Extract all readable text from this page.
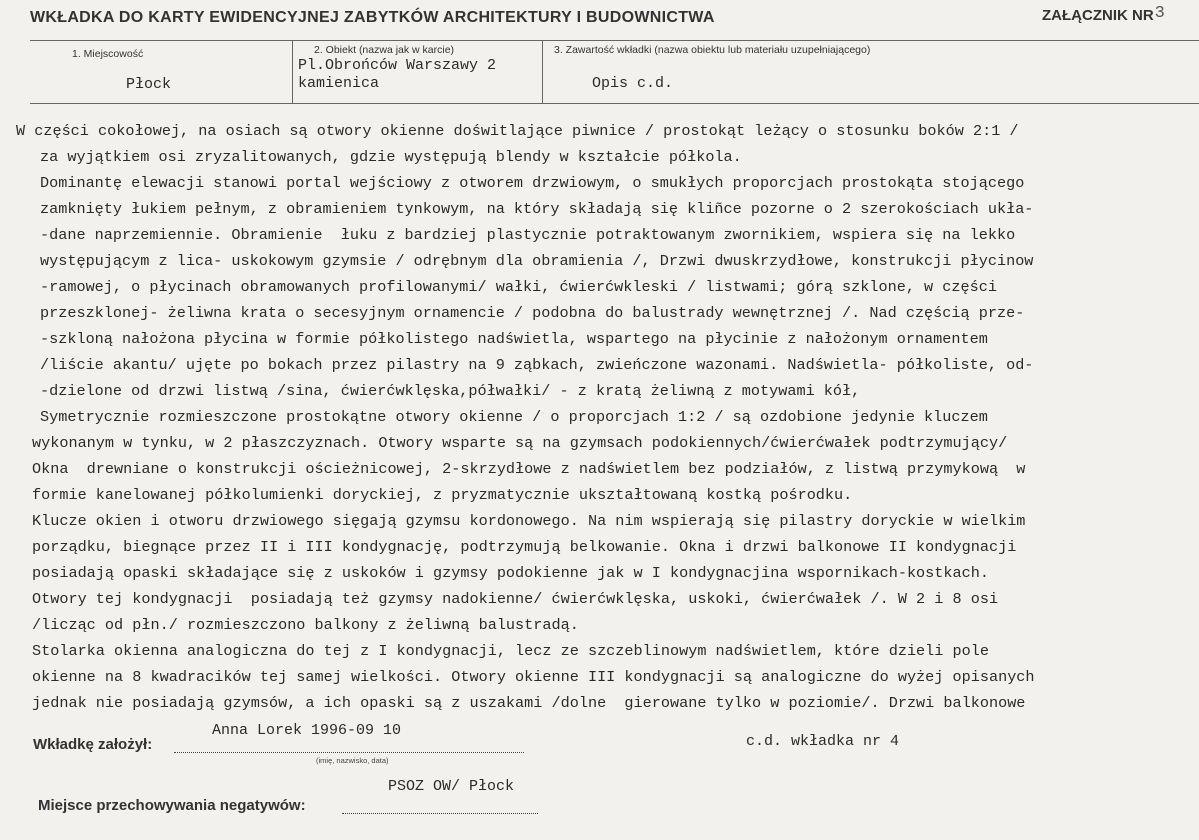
WKŁADKA DO KARTY EWIDENCYJNEJ ZABYTKÓW ARCHITEKTURY I BUDOWNICTWA	ZAŁĄCZNIK NR3
1. Miejscowość
Płock
2. Obiekt (nazwa jak w karcie)
Pl.Obrońców Warszawy 2
kamienica
3. Zawartość wkładki (nazwa obiektu lub materiału uzupełniającego)
Opis c.d.
W części cokołowej, na osiach są otwory okienne doświtlające piwnice / prostokąt leżący o stosunku boków 2:1 /
za wyjątkiem osi zryzalitowanych, gdzie występują blendy w kształcie półkola.
Dominantę elewacji stanowi portal wejściowy z otworem drzwiowym, o smukłych proporcjach prostokąta stojącego
zamknięty łukiem pełnym, z obramieniem tynkowym, na który składają się kliñce pozorne o 2 szerokościach ukła-
-dane naprzemiennie. Obramienie  łuku z bardziej plastycznie potraktowanym zwornikiem, wspiera się na lekko
występującym z lica- uskokowym gzymsie / odrębnym dla obramienia /, Drzwi dwuskrzydłowe, konstrukcji płycinow
-ramowej, o płycinach obramowanych profilowanymi/ wałki, ćwierćwkleski / listwami; górą szklone, w części
przeszklonej- żeliwna krata o secesyjnym ornamencie / podobna do balustrady wewnętrznej /. Nad częścią prze-
-szkloną nałożona płycina w formie półkolistego nadświetla, wspartego na płycinie z nałożonym ornamentem
/liście akantu/ ujęte po bokach przez pilastry na 9 ząbkach, zwieńczone wazonami. Nadświetla- półkoliste, od-
-dzielone od drzwi listwą /sina, ćwierćwklęska,półwałki/ - z kratą żeliwną z motywami kół,
Symetrycznie rozmieszczone prostokątne otwory okienne / o proporcjach 1:2 / są ozdobione jedynie kluczem
wykonanym w tynku, w 2 płaszczyznach. Otwory wsparte są na gzymsach podokiennych/ćwierćwałek podtrzymujący/
Okna  drewniane o konstrukcji ościeżnicowej, 2-skrzydłowe z nadświetlem bez podziałów, z listwą przymykową  w
formie kanelowanej półkolumienki doryckiej, z pryzmatycznie ukształtowaną kostką pośrodku.
Klucze okien i otworu drzwiowego sięgają gzymsu kordonowego. Na nim wspierają się pilastry doryckie w wielkim
porządku, biegnące przez II i III kondygnację, podtrzymują belkowanie. Okna i drzwi balkonowe II kondygnacji
posiadają opaski składające się z uskoków i gzymsy podokienne jak w I kondygnacjina wspornikach-kostkach.
Otwory tej kondygnacji  posiadają też gzymsy nadokienne/ ćwierćwklęska, uskoki, ćwierćwałek /. W 2 i 8 osi
/licząc od płn./ rozmieszczono balkony z żeliwną balustradą.
Stolarka okienna analogiczna do tej z I kondygnacji, lecz ze szczeblinowym nadświetlem, które dzieli pole
okienne na 8 kwadracików tej samej wielkości. Otwory okienne III kondygnacji są analogiczne do wyżej opisanych
jednak nie posiadają gzymsów, a ich opaski są z uszakami /dolne  gierowane tylko w poziomie/. Drzwi balkonowe
Wkładkę założył:
Anna Lorek 1996-09 10
(imię, nazwisko, data)
c.d. wkładka nr 4
Miejsce przechowywania negatywów:
PSOZ OW/ Płock
